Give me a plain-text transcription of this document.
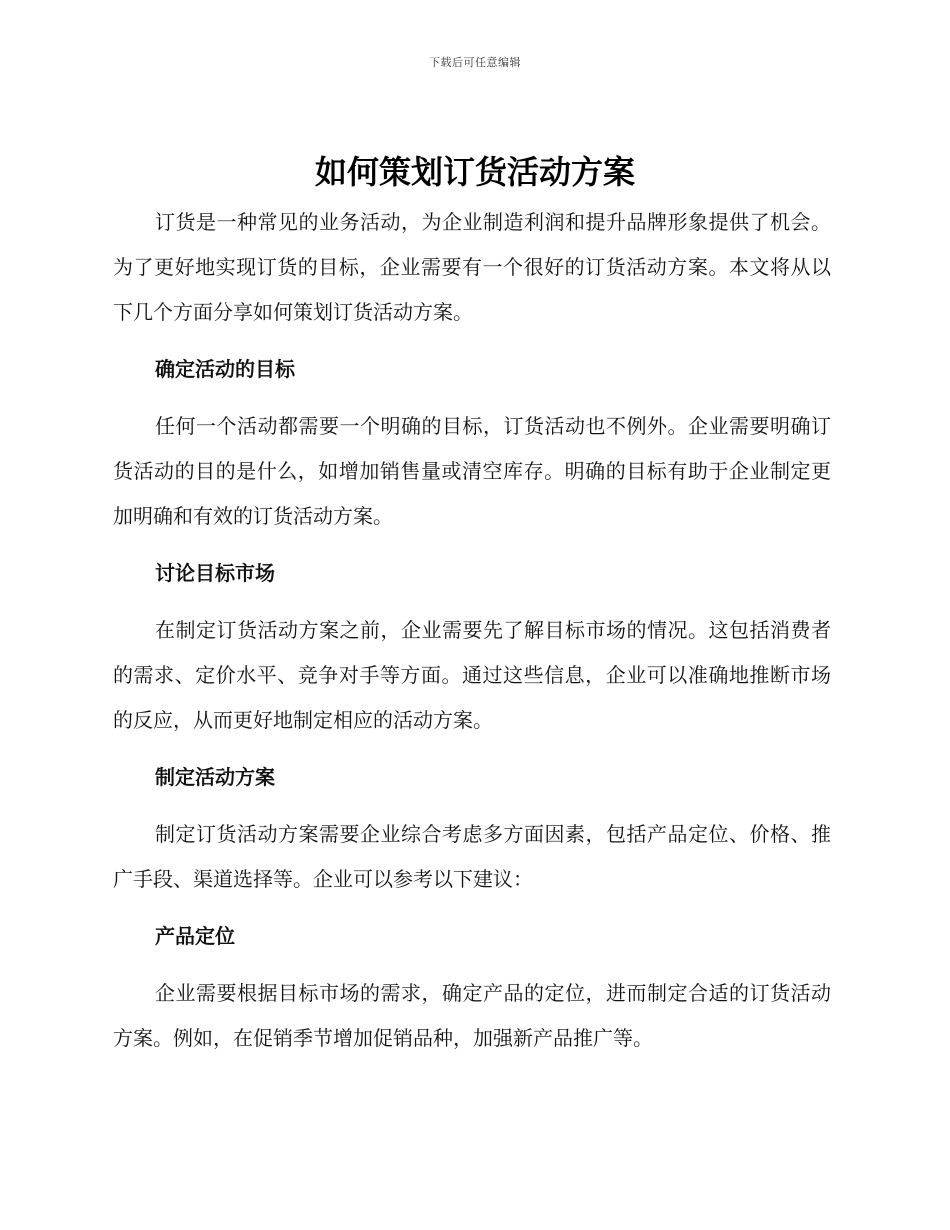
下载后可任意编辑
如何策划订货活动方案

订货是一种常见的业务活动，为企业制造利润和提升品牌形象提供了机会。为了更好地实现订货的目标，企业需要有一个很好的订货活动方案。本文将从以下几个方面分享如何策划订货活动方案。

确定活动的目标

任何一个活动都需要一个明确的目标，订货活动也不例外。企业需要明确订货活动的目的是什么，如增加销售量或清空库存。明确的目标有助于企业制定更加明确和有效的订货活动方案。

讨论目标市场

在制定订货活动方案之前，企业需要先了解目标市场的情况。这包括消费者的需求、定价水平、竞争对手等方面。通过这些信息，企业可以准确地推断市场的反应，从而更好地制定相应的活动方案。

制定活动方案

制定订货活动方案需要企业综合考虑多方面因素，包括产品定位、价格、推广手段、渠道选择等。企业可以参考以下建议：

产品定位

企业需要根据目标市场的需求，确定产品的定位，进而制定合适的订货活动方案。例如，在促销季节增加促销品种，加强新产品推广等。
